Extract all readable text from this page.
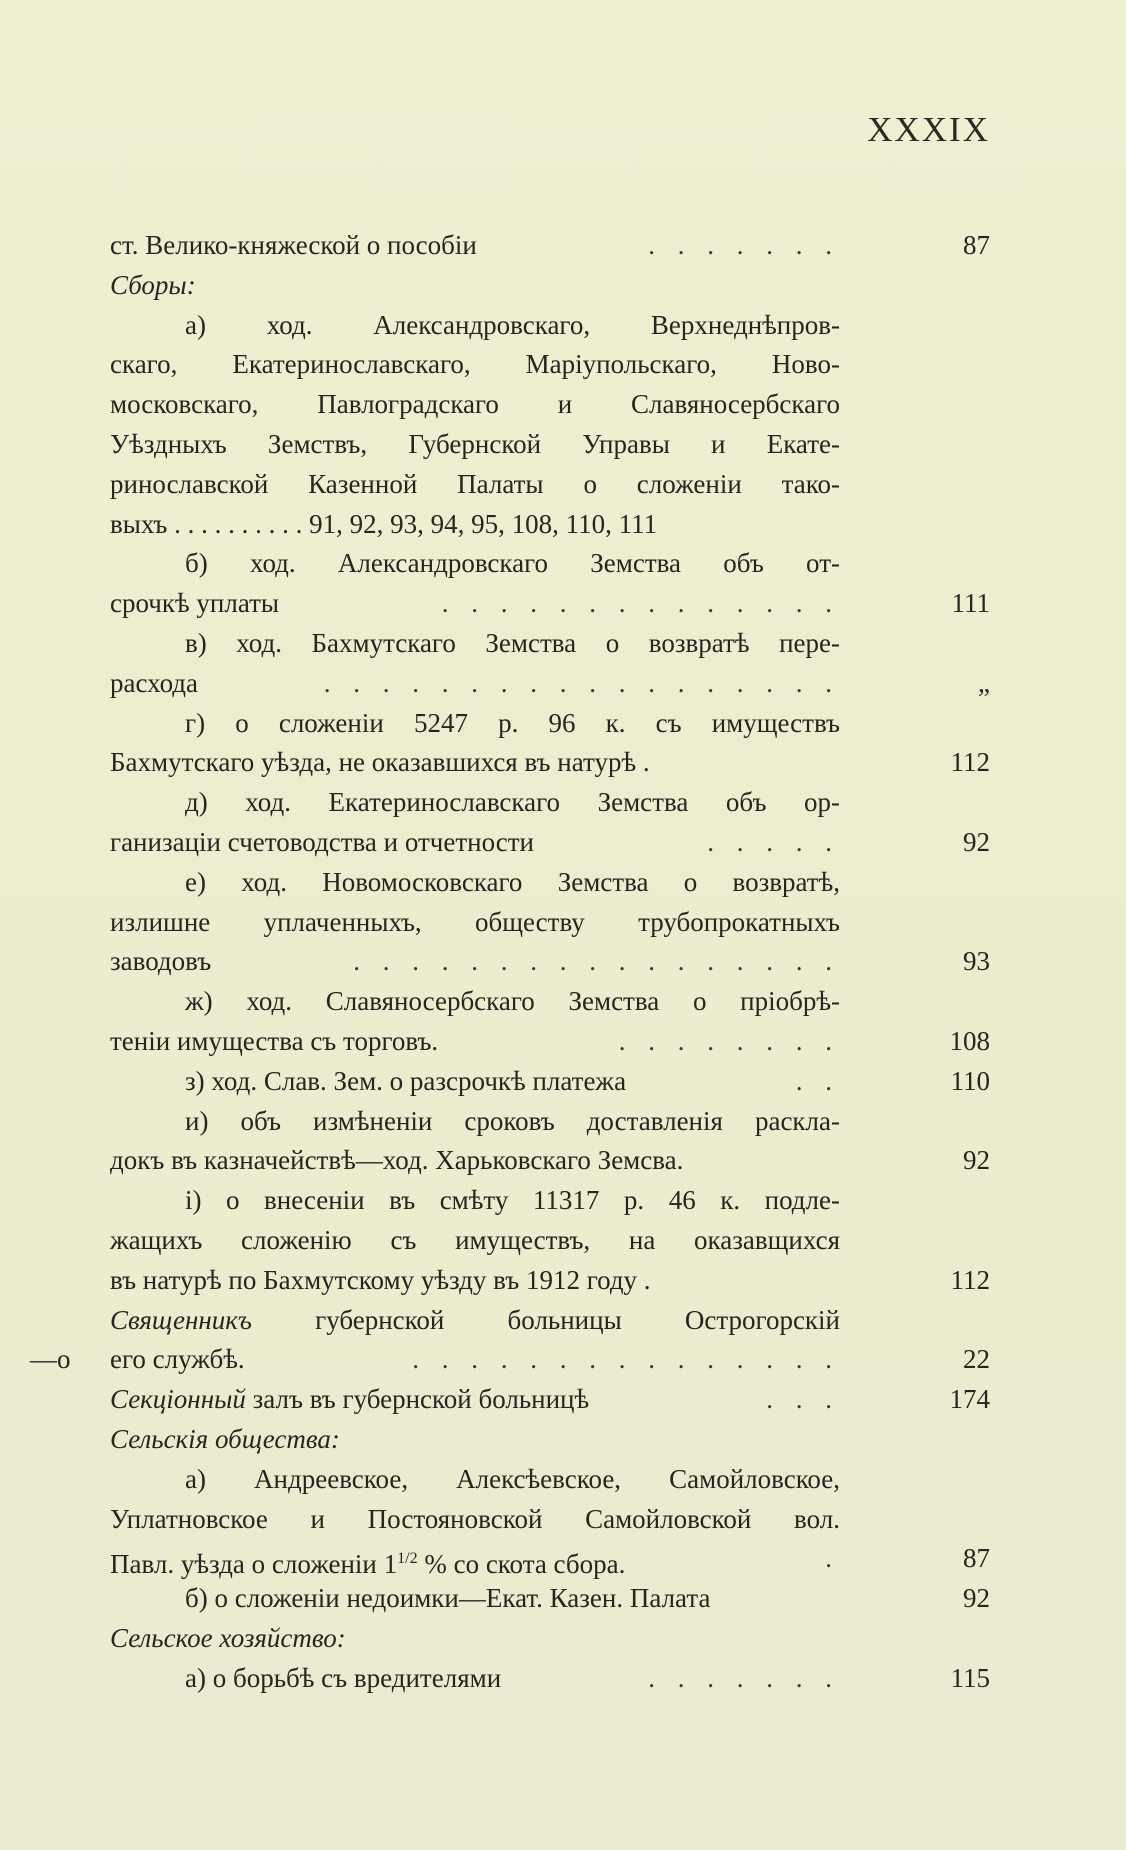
XXXIX
ст. Велико-княжеской о пособіи	. . . . . . .	87
Сборы:
а) ход. Александровскаго, Верхнеднѣпров-
скаго, Екатеринославскаго, Маріупольскаго, Ново-
московскаго, Павлоградскаго и Славяносербскаго
Уѣздныхъ Земствъ, Губернской Управы и Екате-
ринославской Казенной Палаты о сложеніи тако-
выхъ . . . . . . . . . . 91, 92, 93, 94, 95, 108, 110, 111
б) ход. Александровскаго Земства объ от-
срочкѣ уплаты	. . . . . . . . . . . . . .	111
в) ход. Бахмутскаго Земства о возвратѣ пере-
расхода	. . . . . . . . . . . . . . . . . .	„
г) о сложеніи 5247 р. 96 к. съ имуществъ
Бахмутскаго уѣзда, не оказавшихся въ натурѣ .	112
д) ход. Екатеринославскаго Земства объ ор-
ганизаціи счетоводства и отчетности	. . . . .	92
е) ход. Новомосковскаго Земства о возвратѣ,
излишне уплаченныхъ, обществу трубопрокатныхъ
заводовъ	. . . . . . . . . . . . . . . . .	93
ж) ход. Славяносербскаго Земства о пріобрѣ-
теніи имущества съ торговъ.	. . . . . . . .	108
з) ход. Слав. Зем. о разсрочкѣ платежа	. .	110
и) объ измѣненіи сроковъ доставленія раскла-
докъ въ казначействѣ—ход. Харьковскаго Земсва.	92
і) о внесеніи въ смѣту 11317 р. 46 к. подле-
жащихъ сложенію съ имуществъ, на оказавщихся
въ натурѣ по Бахмутскому уѣзду въ 1912 году .	112
Священникъ губернской больницы Острогорскій
—о его службѣ.	. . . . . . . . . . . . . . .	22
Секціонный залъ въ губернской больницѣ	. . .	174
Сельскія общества:
а) Андреевское, Алексѣевское, Самойловское,
Уплатновское и Постояновской Самойловской вол.
Павл. уѣзда о сложеніи $1^{1/2}$ % со скота сбора.	.	87
б) о сложеніи недоимки—Екат. Казен. Палата	92
Сельское хозяйство:
а) о борьбѣ съ вредителями	. . . . . . .	115
